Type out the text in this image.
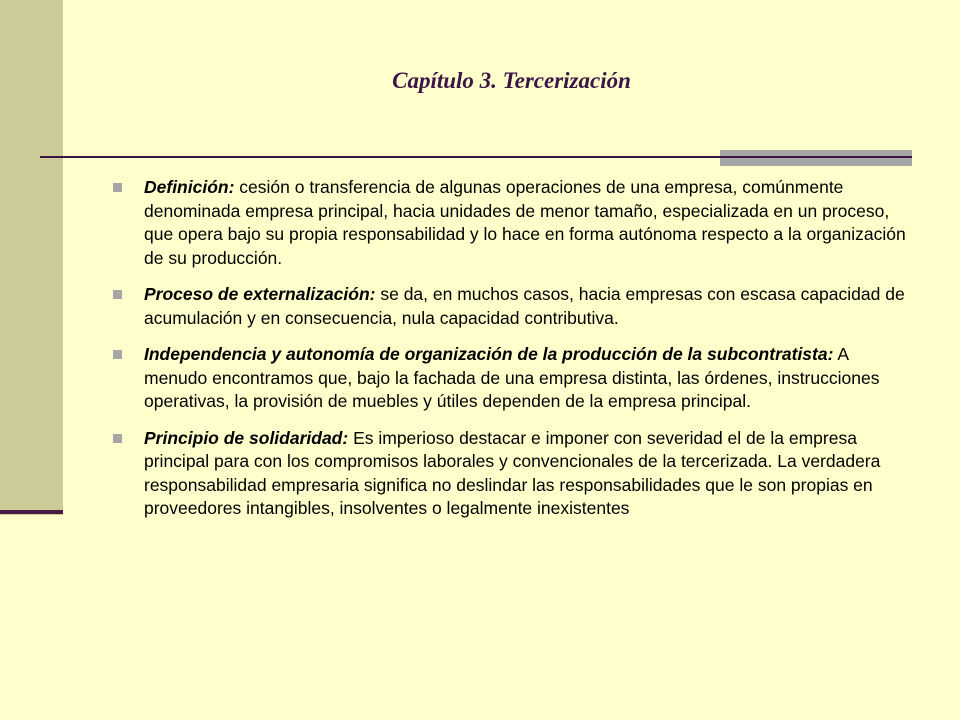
Capítulo 3. Tercerización
Definición: cesión o transferencia de algunas operaciones de una empresa, comúnmente denominada empresa principal, hacia unidades de menor tamaño, especializada en un proceso, que opera bajo su propia responsabilidad y lo hace en forma autónoma respecto a la organización de su producción.
Proceso de externalización: se da, en muchos casos, hacia empresas con escasa capacidad de acumulación y en consecuencia, nula capacidad contributiva.
Independencia y autonomía de organización de la producción de la subcontratista: A menudo encontramos que, bajo la fachada de una empresa distinta, las órdenes, instrucciones operativas, la provisión de muebles y útiles dependen de la empresa principal.
Principio de solidaridad: Es imperioso destacar e imponer con severidad el de la empresa principal para con los compromisos laborales y convencionales de la tercerizada. La verdadera responsabilidad empresaria significa no deslindar las responsabilidades que le son propias en proveedores intangibles, insolventes o legalmente inexistentes
